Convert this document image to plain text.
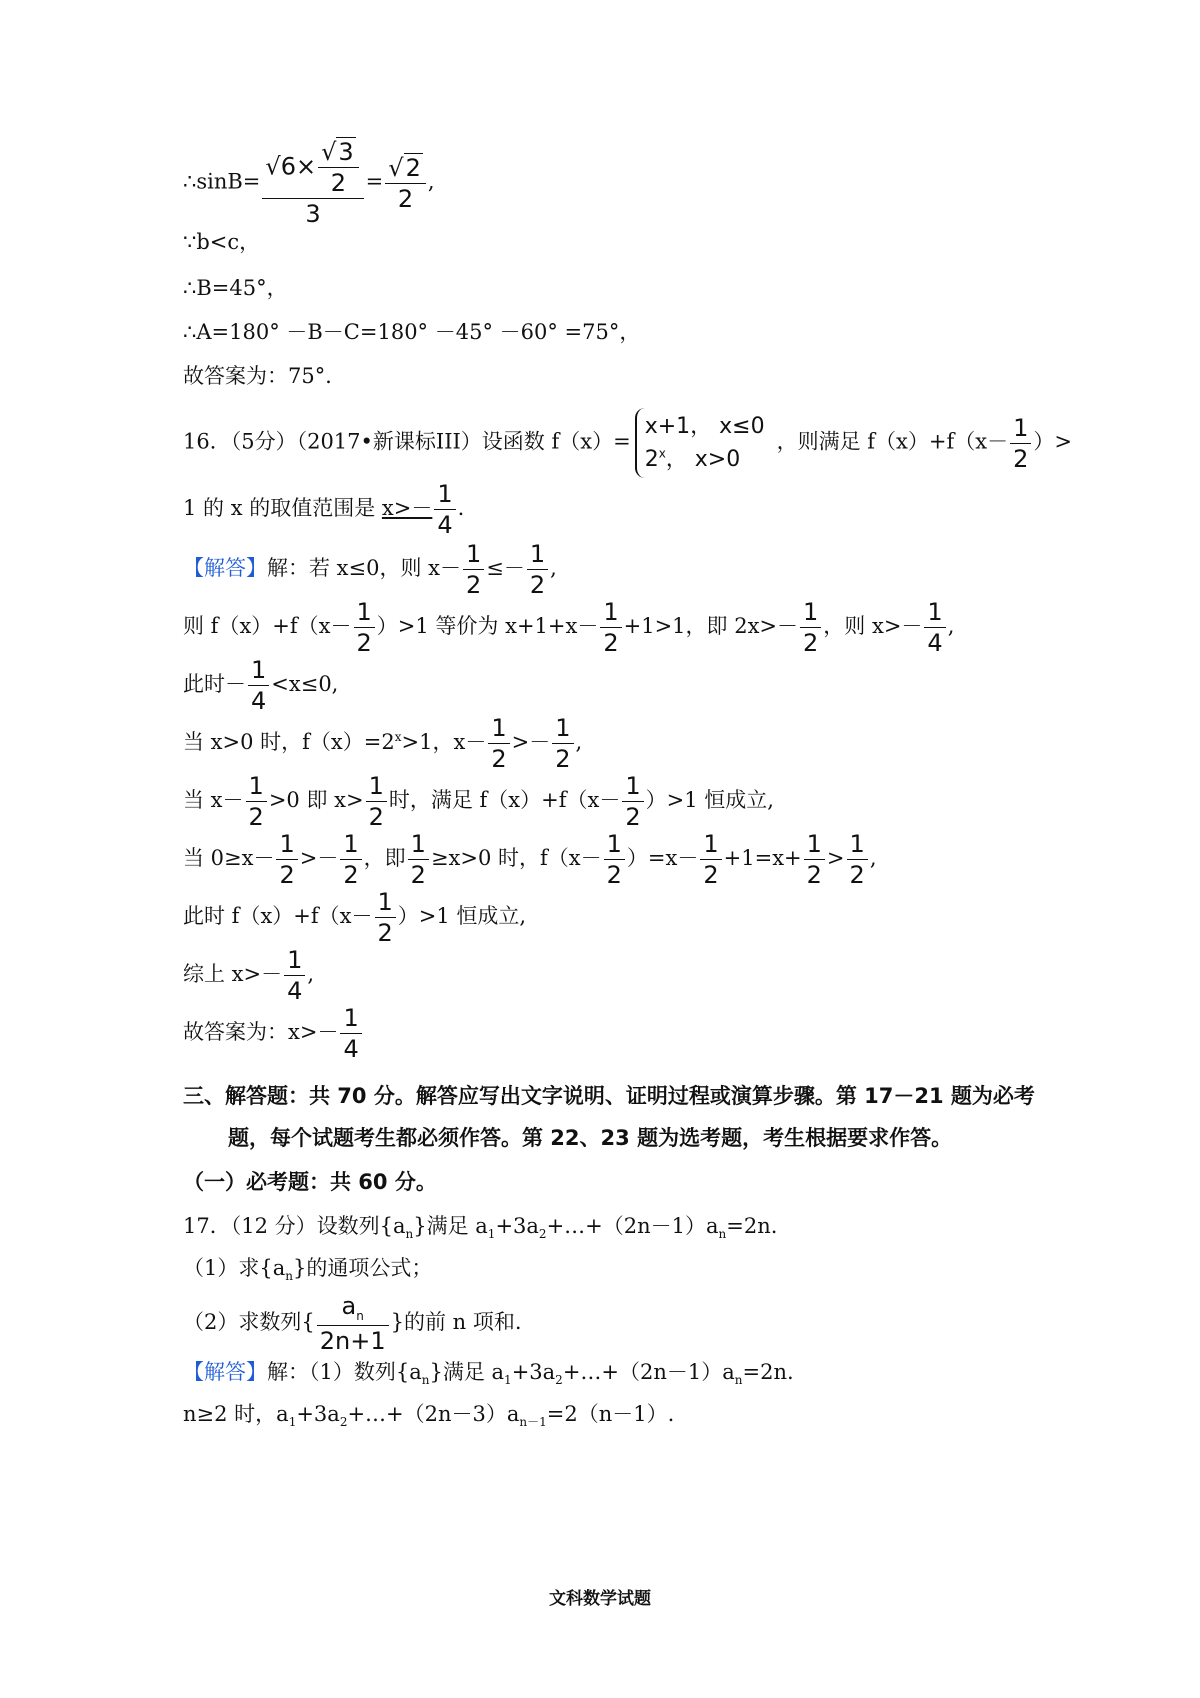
∴sinB= $\frac{√6\times \frac{√3}{2}}{3} = \frac{√2}{2}$ ,
∵b<c，
∴B=45°，
∴A=180° －B－C=180° －45° －60° =75°，
故答案为：75°．
16．（5分）（2017•新课标III）设函数 f（x）=x+1， x≤0
2$^x$， x>0，则满足 $f(x)+f(x- \frac{1}{2}$ ）>
1 的 x 的取值范围是 $x>- \frac{1}{4}$ .
【解答】解：若 x≤0，则 $x- \frac{1}{2} \le- \frac{1}{2}$ ,
则 $f(x)+f(x- \frac{1}{2} )>1$ 等价为 $x+1+x- \frac{1}{2} +1>1$，即 $2x>- \frac{1}{2}$ ，则 $x>- \frac{1}{4}$ ,
此时－ $\frac{1}{4} <x\le 0$,
当 x>0 时，$f(x)=2^x>1$，$x- \frac{1}{2} >- \frac{1}{2}$ ,
当 $x- \frac{1}{2} >0$ 即 $x> \frac{1}{2}$ 时，满足 $f(x)+f(x- \frac{1}{2} )>1$ 恒成立,
当 $0\ge x- \frac{1}{2} >- \frac{1}{2}$ ，即 $\frac{1}{2} \ge x>0$ 时，$f(x- \frac{1}{2} )=x- \frac{1}{2} +1=x+ \frac{1}{2} > \frac{1}{2}$ ,
此时 $f(x)+f(x- \frac{1}{2} )>1$ 恒成立,
综上 $x>- \frac{1}{4}$ ,
故答案为：$x>- \frac{1}{4}$
三、解答题：共 70 分。解答应写出文字说明、证明过程或演算步骤。第 17－21 题为必考
题，每个试题考生都必须作答。第 22、23 题为选考题，考生根据要求作答。
（一）必考题：共 60 分。
17．（12 分）设数列$\{a_n\}$满足 $a_1+3a_2+\dots+(2n-1)a_n=2n$.
（1）求$\{a_n\}$的通项公式；
（2）求数列{ $\frac{a_n}{2n+1}$ }的前 n 项和.
【解答】解：（1）数列$\{a_n\}$满足 $a_1+3a_2+\dots+(2n-1)a_n=2n$.
n≥2 时，$a_1+3a_2+\dots+(2n-3)a_{n-1}=2(n-1)$.
文科数学试题
